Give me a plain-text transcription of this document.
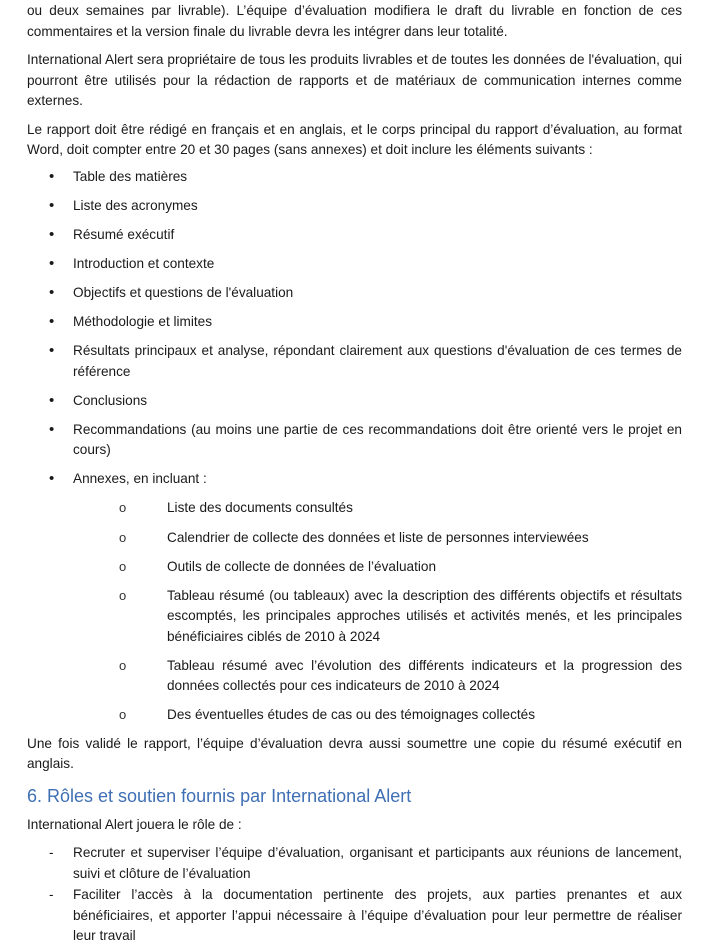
ou deux semaines par livrable). L’équipe d’évaluation modifiera le draft du livrable en fonction de ces commentaires et la version finale du livrable devra les intégrer dans leur totalité.

International Alert sera propriétaire de tous les produits livrables et de toutes les données de l'évaluation, qui pourront être utilisés pour la rédaction de rapports et de matériaux de communication internes comme externes.

Le rapport doit être rédigé en français et en anglais, et le corps principal du rapport d’évaluation, au format Word, doit compter entre 20 et 30 pages (sans annexes) et doit inclure les éléments suivants :

• Table des matières
• Liste des acronymes
• Résumé exécutif
• Introduction et contexte
• Objectifs et questions de l'évaluation
• Méthodologie et limites
• Résultats principaux et analyse, répondant clairement aux questions d'évaluation de ces termes de référence
• Conclusions
• Recommandations (au moins une partie de ces recommandations doit être orienté vers le projet en cours)
• Annexes, en incluant :
o	Liste des documents consultés
o	Calendrier de collecte des données et liste de personnes interviewées
o	Outils de collecte de données de l’évaluation
o	Tableau résumé (ou tableaux) avec la description des différents objectifs et résultats escomptés, les principales approches utilisés et activités menés, et les principales bénéficiaires ciblés de 2010 à 2024
o	Tableau résumé avec l’évolution des différents indicateurs et la progression des données collectés pour ces indicateurs de 2010 à 2024
o	Des éventuelles études de cas ou des témoignages collectés

Une fois validé le rapport, l’équipe d’évaluation devra aussi soumettre une copie du résumé exécutif en anglais.

6. Rôles et soutien fournis par International Alert

International Alert jouera le rôle de :

- Recruter et superviser l’équipe d’évaluation, organisant et participants aux réunions de lancement, suivi et clôture de l’évaluation
- Faciliter l’accès à la documentation pertinente des projets, aux parties prenantes et aux bénéficiaires, et apporter l’appui nécessaire à l’équipe d’évaluation pour leur permettre de réaliser leur travail
